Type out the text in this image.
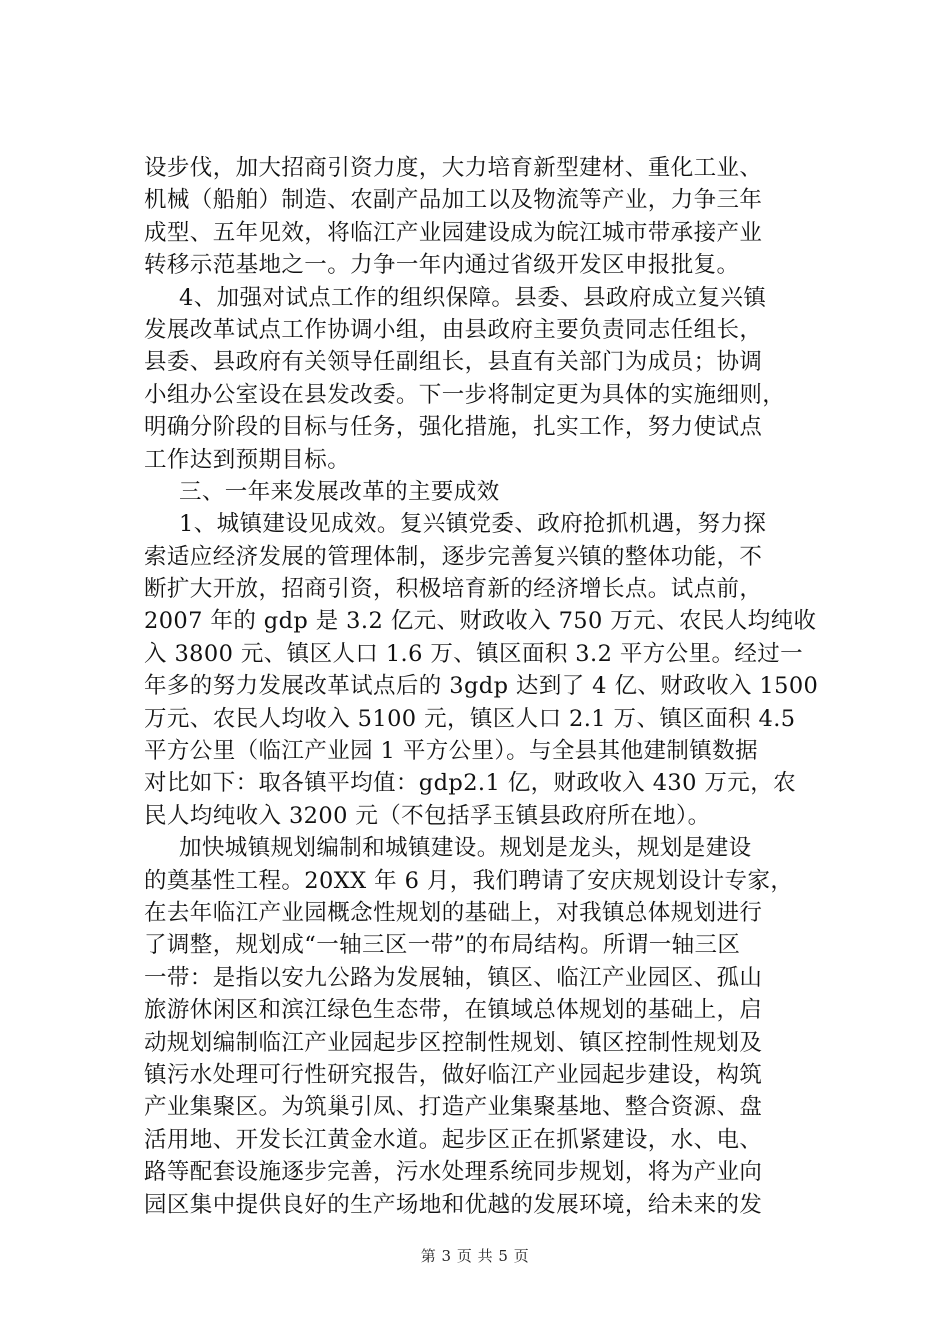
设步伐，加大招商引资力度，大力培育新型建材、重化工业、
机械（船舶）制造、农副产品加工以及物流等产业，力争三年
成型、五年见效，将临江产业园建设成为皖江城市带承接产业
转移示范基地之一。力争一年内通过省级开发区申报批复。
4、加强对试点工作的组织保障。县委、县政府成立复兴镇
发展改革试点工作协调小组，由县政府主要负责同志任组长，
县委、县政府有关领导任副组长，县直有关部门为成员；协调
小组办公室设在县发改委。下一步将制定更为具体的实施细则，
明确分阶段的目标与任务，强化措施，扎实工作，努力使试点
工作达到预期目标。
三、一年来发展改革的主要成效
1、城镇建设见成效。复兴镇党委、政府抢抓机遇，努力探
索适应经济发展的管理体制，逐步完善复兴镇的整体功能，不
断扩大开放，招商引资，积极培育新的经济增长点。试点前，
2007 年的 gdp 是 3.2 亿元、财政收入 750 万元、农民人均纯收
入 3800 元、镇区人口 1.6 万、镇区面积 3.2 平方公里。经过一
年多的努力发展改革试点后的 3gdp 达到了 4 亿、财政收入 1500
万元、农民人均收入 5100 元，镇区人口 2.1 万、镇区面积 4.5
平方公里（临江产业园 1 平方公里）。与全县其他建制镇数据
对比如下：取各镇平均值：gdp2.1 亿，财政收入 430 万元，农
民人均纯收入 3200 元（不包括孚玉镇县政府所在地）。
加快城镇规划编制和城镇建设。规划是龙头，规划是建设
的奠基性工程。20XX 年 6 月，我们聘请了安庆规划设计专家，
在去年临江产业园概念性规划的基础上，对我镇总体规划进行
了调整，规划成“一轴三区一带”的布局结构。所谓一轴三区
一带：是指以安九公路为发展轴，镇区、临江产业园区、孤山
旅游休闲区和滨江绿色生态带，在镇域总体规划的基础上，启
动规划编制临江产业园起步区控制性规划、镇区控制性规划及
镇污水处理可行性研究报告，做好临江产业园起步建设，构筑
产业集聚区。为筑巢引凤、打造产业集聚基地、整合资源、盘
活用地、开发长江黄金水道。起步区正在抓紧建设，水、电、
路等配套设施逐步完善，污水处理系统同步规划，将为产业向
园区集中提供良好的生产场地和优越的发展环境，给未来的发
第 3 页 共 5 页
